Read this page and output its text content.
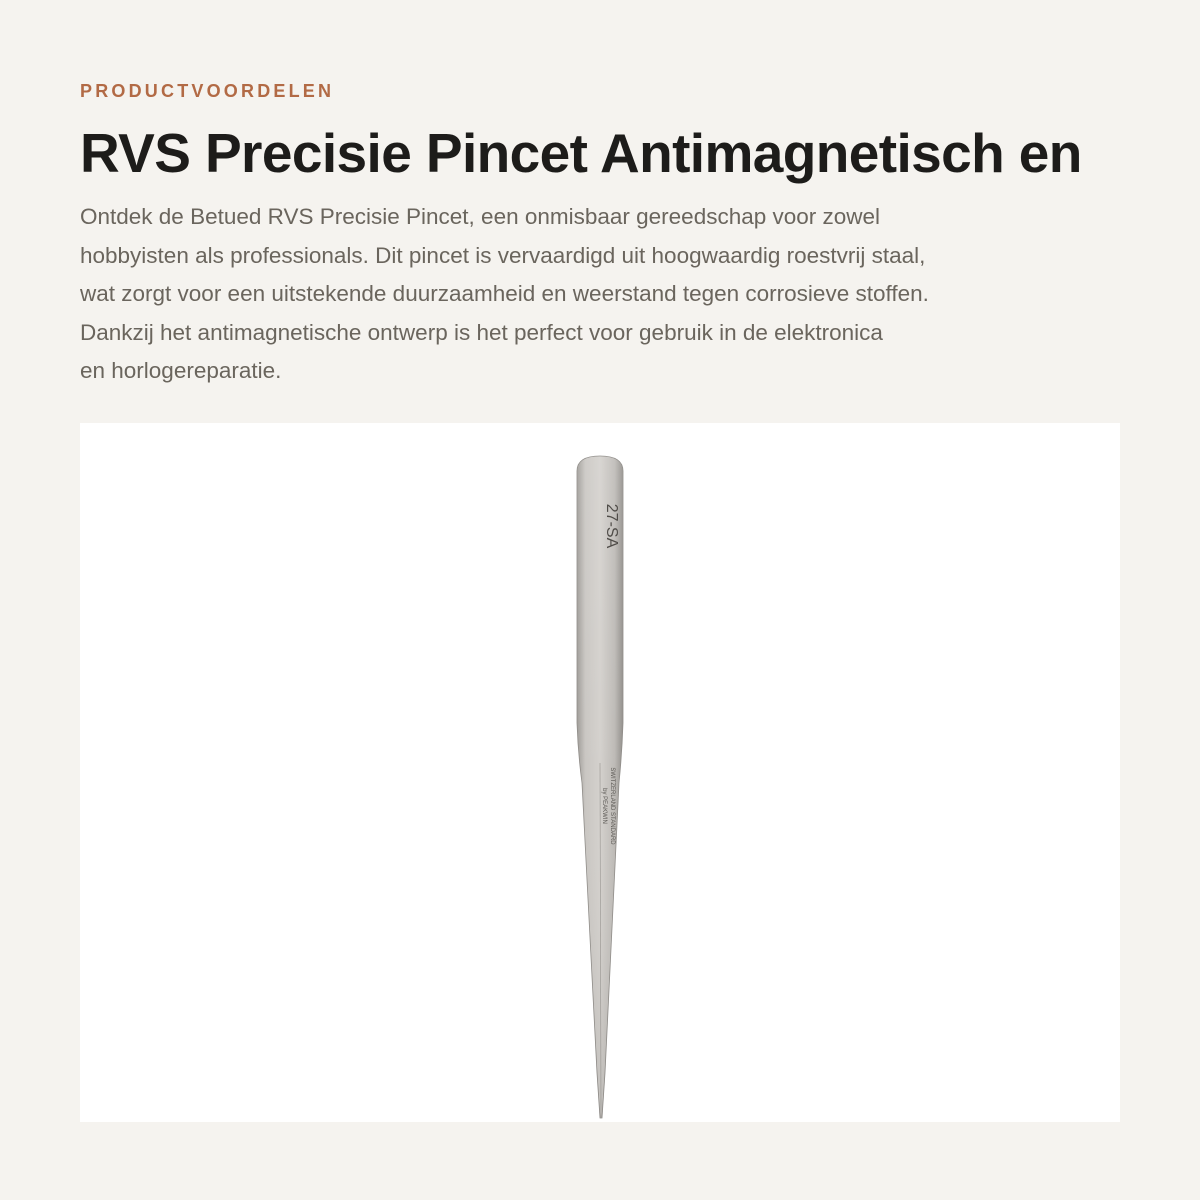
PRODUCTVOORDELEN
RVS Precisie Pincet Antimagnetisch en
Ontdek de Betued RVS Precisie Pincet, een onmisbaar gereedschap voor zowel
hobbyisten als professionals. Dit pincet is vervaardigd uit hoogwaardig roestvrij staal,
wat zorgt voor een uitstekende duurzaamheid en weerstand tegen corrosieve stoffen.
Dankzij het antimagnetische ontwerp is het perfect voor gebruik in de elektronica
en horlogereparatie.
27-SA
by PEAKWIN SWITZERLAND STANDARD
